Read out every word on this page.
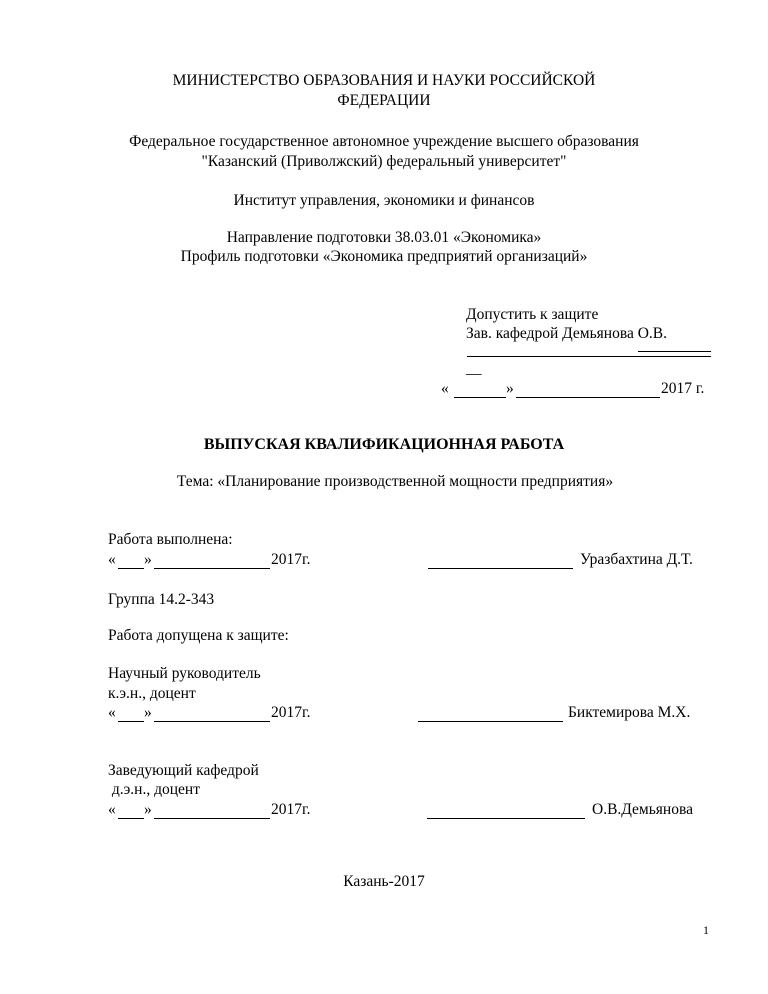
МИНИСТЕРСТВО ОБРАЗОВАНИЯ И НАУКИ РОССИЙСКОЙ
ФЕДЕРАЦИИ
Федеральное государственное автономное учреждение высшего образования
"Казанский (Приволжский) федеральный университет"
Институт управления, экономики и финансов
Направление подготовки 38.03.01 «Экономика»
Профиль подготовки «Экономика предприятий организаций»
Допустить к защите
Зав. кафедрой Демьянова О.В.
__
«	»	2017 г.
ВЫПУСКАЯ КВАЛИФИКАЦИОННАЯ РАБОТА
Тема: «Планирование производственной мощности предприятия»
Работа выполнена:
« »	2017г.	Уразбахтина Д.Т.
Группа 14.2-343
Работа допущена к защите:
Научный руководитель
к.э.н., доцент
« »	2017г.	Биктемирова М.Х.
Заведующий кафедрой
д.э.н., доцент
« »	2017г.	О.В.Демьянова
Казань-2017
1
